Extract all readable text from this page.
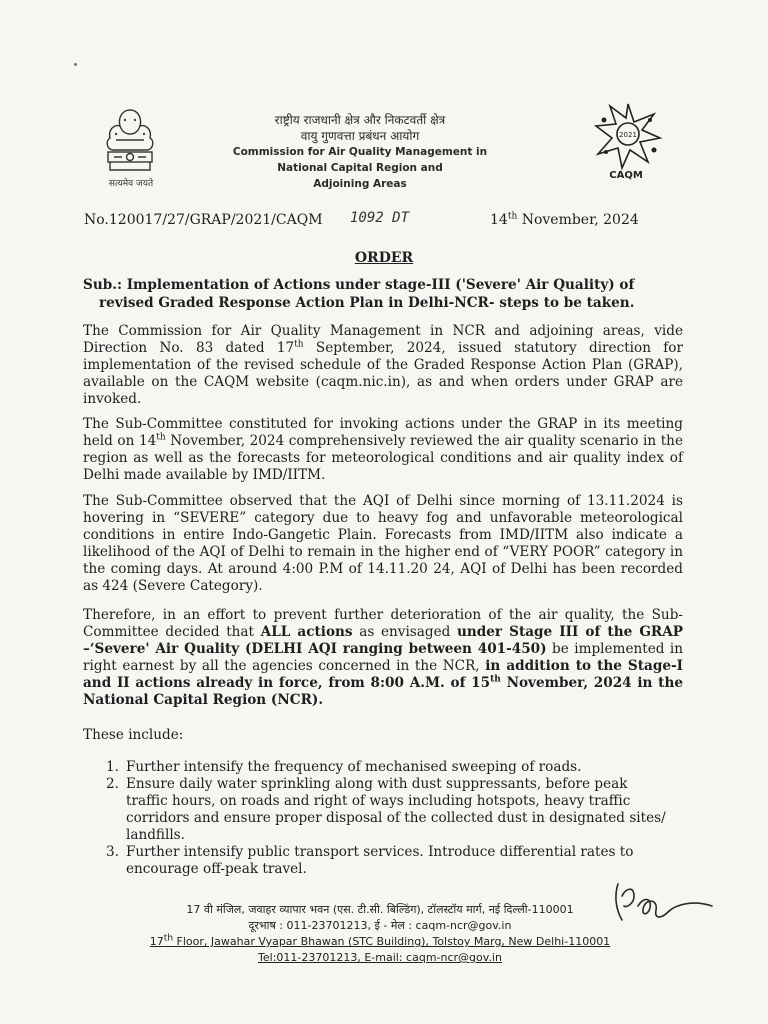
सत्यमेव जयते
राष्ट्रीय राजधानी क्षेत्र और निकटवर्ती क्षेत्र
वायु गुणवत्ता प्रबंधन आयोग
Commission for Air Quality Management in
National Capital Region and
Adjoining Areas
2021
CAQM
No.120017/27/GRAP/2021/CAQM 1092 DT	14th November, 2024
ORDER
Sub.: Implementation of Actions under stage-III ('Severe' Air Quality) of
revised Graded Response Action Plan in Delhi-NCR- steps to be taken.
The Commission for Air Quality Management in NCR and adjoining areas, vide Direction No. 83 dated 17th September, 2024, issued statutory direction for implementation of the revised schedule of the Graded Response Action Plan (GRAP), available on the CAQM website (caqm.nic.in), as and when orders under GRAP are invoked.
The Sub-Committee constituted for invoking actions under the GRAP in its meeting held on 14th November, 2024 comprehensively reviewed the air quality scenario in the region as well as the forecasts for meteorological conditions and air quality index of Delhi made available by IMD/IITM.
The Sub-Committee observed that the AQI of Delhi since morning of 13.11.2024 is hovering in “SEVERE” category due to heavy fog and unfavorable meteorological conditions in entire Indo-Gangetic Plain. Forecasts from IMD/IITM also indicate a likelihood of the AQI of Delhi to remain in the higher end of “VERY POOR” category in the coming days. At around 4:00 P.M of 14.11.20 24, AQI of Delhi has been recorded as 424 (Severe Category).
Therefore, in an effort to prevent further deterioration of the air quality, the Sub-Committee decided that ALL actions as envisaged under Stage III of the GRAP –‘Severe' Air Quality (DELHI AQI ranging between 401-450) be implemented in right earnest by all the agencies concerned in the NCR, in addition to the Stage-I and II actions already in force, from 8:00 A.M. of 15th November, 2024 in the National Capital Region (NCR).
These include:
1. Further intensify the frequency of mechanised sweeping of roads.
2. Ensure daily water sprinkling along with dust suppressants, before peak traffic hours, on roads and right of ways including hotspots, heavy traffic corridors and ensure proper disposal of the collected dust in designated sites/ landfills.
3. Further intensify public transport services. Introduce differential rates to encourage off-peak travel.
17 वी मंजिल, जवाहर व्यापार भवन (एस. टी.सी. बिल्डिंग), टॉलस्टॉय मार्ग, नई दिल्ली-110001
दूरभाष : 011-23701213, ई - मेल : caqm-ncr@gov.in
17th Floor, Jawahar Vyapar Bhawan (STC Building), Tolstoy Marg, New Delhi-110001
Tel:011-23701213, E-mail: caqm-ncr@gov.in
